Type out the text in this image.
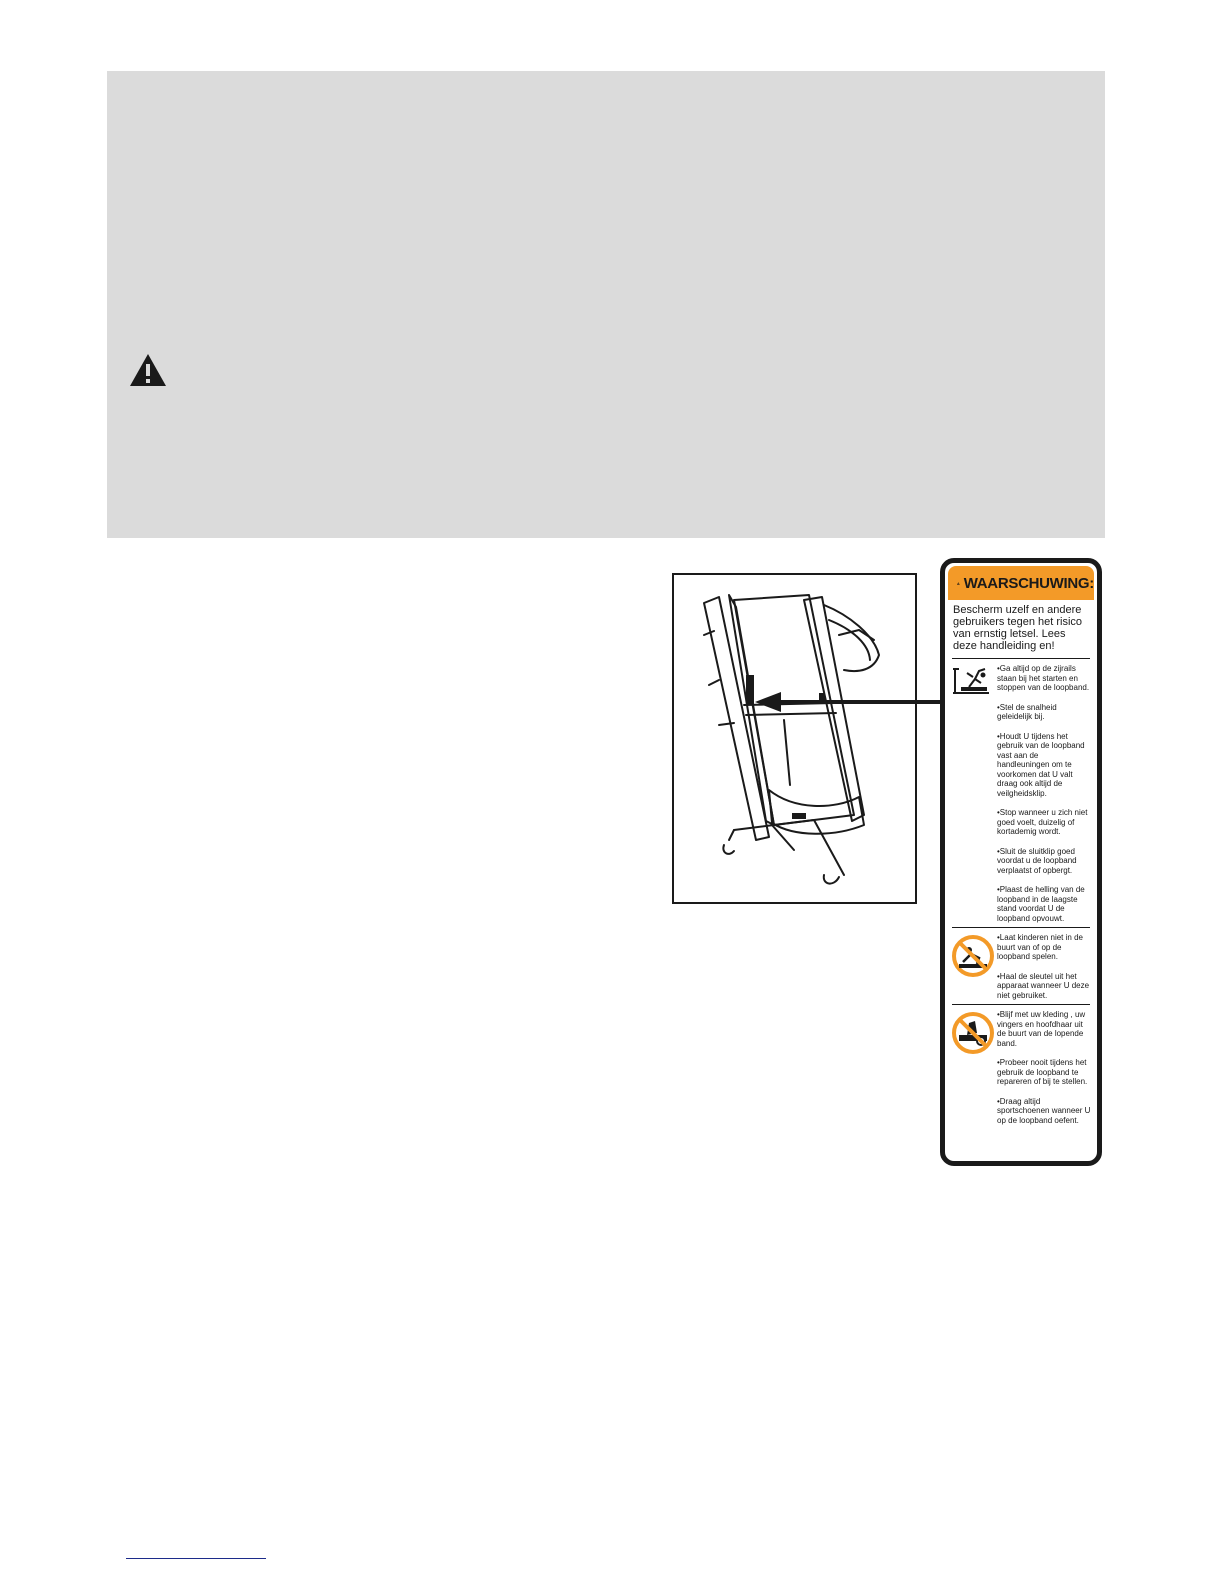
WAARSCHUWING:
Bescherm uzelf en andere gebruikers tegen het risico van ernstig letsel. Lees deze handleiding en!
•Ga altijd op de zijrails staan bij het starten en stoppen van de loopband.
•Stel de snalheid geleidelijk bij.
•Houdt U tijdens het gebruik van de loopband vast aan de handleuningen om te voorkomen dat U valt draag ook altijd de veilgheidsklip.
•Stop wanneer u zich niet goed voelt, duizelig of kortademig wordt.
•Sluit de sluitklip goed voordat u de loopband verplaatst of opbergt.
•Plaast de helling van de loopband in de laagste stand voordat U de loopband opvouwt.
•Laat kinderen niet in de buurt van of op de loopband spelen.
•Haal de sleutel uit het apparaat wanneer U deze niet gebruiket.
•Blijf met uw kleding , uw vingers en hoofdhaar uit de buurt van de lopende band.
•Probeer nooit tijdens het gebruik de loopband te repareren of bij te stellen.
•Draag altijd sportschoenen wanneer U op de loopband oefent.
